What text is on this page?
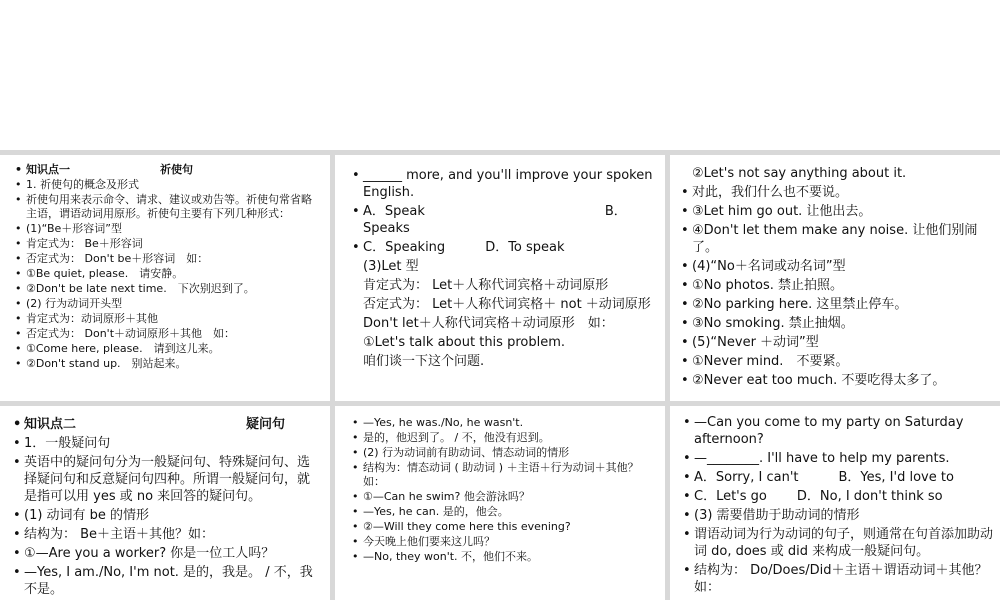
• 知识点一	祈使句
• 1. 祈使句的概念及形式
• 祈使句用来表示命令、请求、建议或劝告等。祈使句常省略主语，谓语动词用原形。祈使句主要有下列几种形式：
• (1)“Be＋形容词”型
• 肯定式为： Be＋形容词
• 否定式为： Don't be＋形容词　如：
• ①Be quiet, please.　请安静。
• ②Don't be late next time.　下次别迟到了。
• (2) 行为动词开头型
• 肯定式为：动词原形＋其他
• 否定式为： Don't＋动词原形＋其他　如：
• ①Come here, please.　请到这儿来。
• ②Don't stand up.　别站起来。
• ______ more, and you'll improve your spoken English.
• A．Speak	B．Speaks
• C．Speaking	D．To speak
(3)Let 型
肯定式为： Let＋人称代词宾格＋动词原形
否定式为： Let＋人称代词宾格＋ not ＋动词原形
Don't let＋人称代词宾格＋动词原形　如：
①Let's talk about this problem.
咱们谈一下这个问题.
②Let's not say anything about it.
• 对此，我们什么也不要说。
• ③Let him go out. 让他出去。
• ④Don't let them make any noise. 让他们别闹了。
• (4)“No＋名词或动名词”型
• ①No photos. 禁止拍照。
• ②No parking here. 这里禁止停车。
• ③No smoking. 禁止抽烟。
• (5)“Never ＋动词”型
• ①Never mind.　不要紧。
• ②Never eat too much. 不要吃得太多了。
• 知识点二	疑问句
• 1．一般疑问句
• 英语中的疑问句分为一般疑问句、特殊疑问句、选择疑问句和反意疑问句四种。所谓一般疑问句，就是指可以用 yes 或 no 来回答的疑问句。
• (1) 动词有 be 的情形
• 结构为： Be＋主语＋其他？如：
• ①—Are you a worker? 你是一位工人吗？
• —Yes, I am./No, I'm not. 是的，我是。 / 不，我不是。
• —Yes, he was./No, he wasn't.
• 是的，他迟到了。 / 不，他没有迟到。
• (2) 行为动词前有助动词、情态动词的情形
• 结构为：情态动词 ( 助动词 ) ＋主语＋行为动词＋其他？如：
• ①—Can he swim? 他会游泳吗？
• —Yes, he can. 是的，他会。
• ②—Will they come here this evening?
• 今天晚上他们要来这儿吗？
• —No, they won't. 不，他们不来。
• —Can you come to my party on Saturday afternoon?
• —________. I'll have to help my parents.
• A．Sorry, I can't	B．Yes, I'd love to
• C．Let's go D．No, I don't think so
• (3) 需要借助于助动词的情形
• 谓语动词为行为动词的句子，则通常在句首添加助动词 do, does 或 did 来构成一般疑问句。
• 结构为： Do/Does/Did＋主语＋谓语动词＋其他？如：
